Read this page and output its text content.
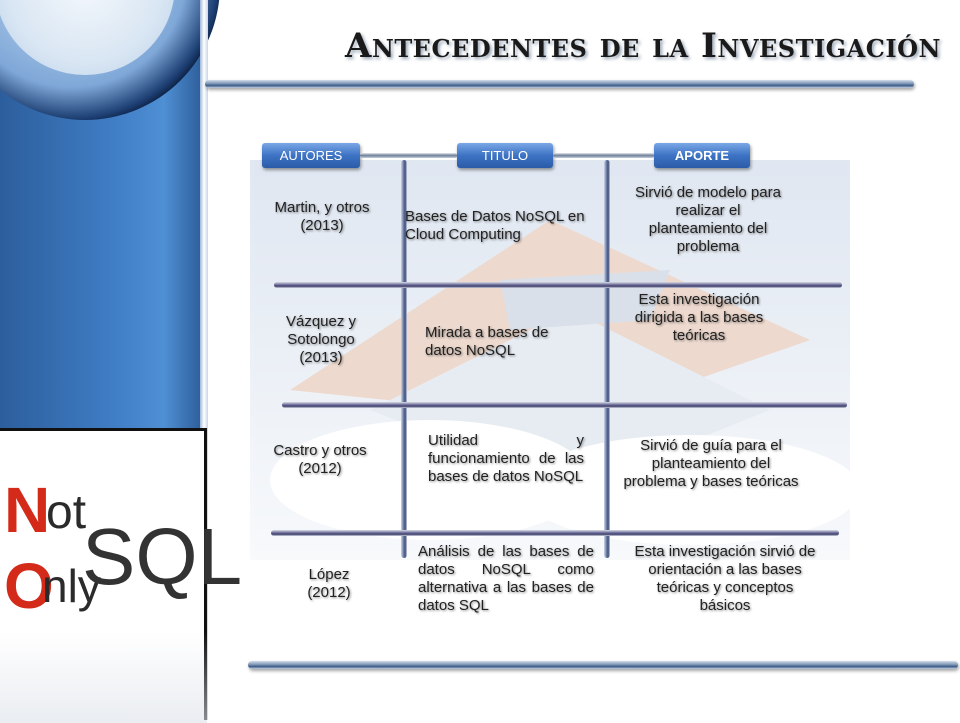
N
ot
O
nly
SQL
Antecedentes de la Investigación
AUTORES	TITULO	APORTE
Martin, y otros (2013)
Bases de Datos NoSQL en Cloud Computing
Sirvió de modelo para realizar el planteamiento del problema
Vázquez y Sotolongo (2013)
Mirada a bases de datos NoSQL
Esta investigación dirigida a las bases teóricas
Castro y otros (2012)
Utilidad y funcionamiento de las bases de datos NoSQL
Sirvió de guía para el planteamiento del problema y bases teóricas
López (2012)
Análisis de las bases de datos NoSQL como alternativa a las bases de datos SQL
Esta investigación sirvió de orientación a las bases teóricas y conceptos básicos
